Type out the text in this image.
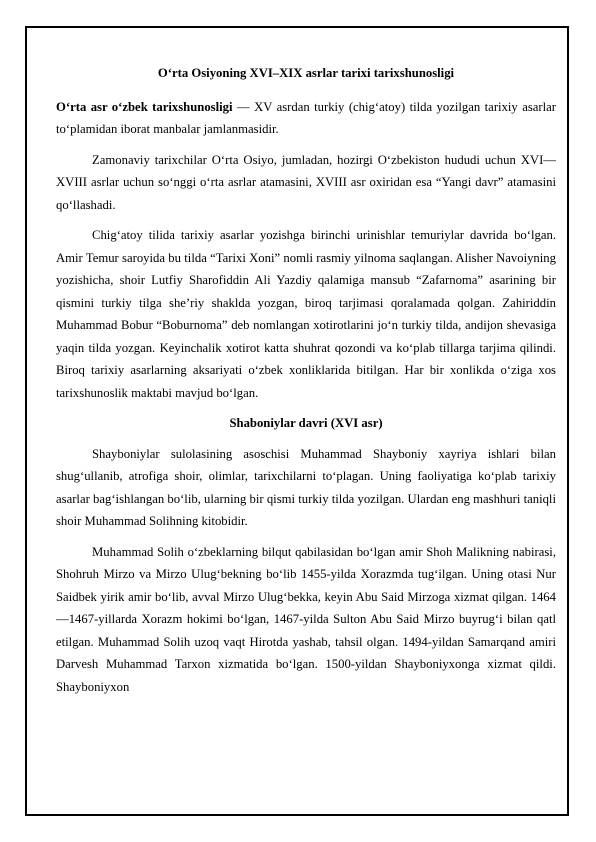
O‘rta Osiyoning XVI–XIX asrlar tarixi tarixshunosligi

O‘rta asr o‘zbek tarixshunosligi — XV asrdan turkiy (chig‘atoy) tilda yozilgan tarixiy asarlar to‘plamidan iborat manbalar jamlanmasidir.

Zamonaviy tarixchilar O‘rta Osiyo, jumladan, hozirgi O‘zbekiston hududi uchun XVI—XVIII asrlar uchun so‘nggi o‘rta asrlar atamasini, XVIII asr oxiridan esa “Yangi davr” atamasini qo‘llashadi.

Chig‘atoy tilida tarixiy asarlar yozishga birinchi urinishlar temuriylar davrida bo‘lgan. Amir Temur saroyida bu tilda “Tarixi Xoni” nomli rasmiy yilnoma saqlangan. Alisher Navoiyning yozishicha, shoir Lutfiy Sharofiddin Ali Yazdiy qalamiga mansub “Zafarnoma” asarining bir qismini turkiy tilga she’riy shaklda yozgan, biroq tarjimasi qoralamada qolgan. Zahiriddin Muhammad Bobur “Boburnoma” deb nomlangan xotirotlarini jo‘n turkiy tilda, andijon shevasiga yaqin tilda yozgan. Keyinchalik xotirot katta shuhrat qozondi va ko‘plab tillarga tarjima qilindi. Biroq tarixiy asarlarning aksariyati o‘zbek xonliklarida bitilgan. Har bir xonlikda o‘ziga xos tarixshunoslik maktabi mavjud bo‘lgan.

Shaboniylar davri (XVI asr)

Shayboniylar sulolasining asoschisi Muhammad Shayboniy xayriya ishlari bilan shug‘ullanib, atrofiga shoir, olimlar, tarixchilarni to‘plagan. Uning faoliyatiga ko‘plab tarixiy asarlar bag‘ishlangan bo‘lib, ularning bir qismi turkiy tilda yozilgan. Ulardan eng mashhuri taniqli shoir Muhammad Solihning kitobidir.

Muhammad Solih o‘zbeklarning bilqut qabilasidan bo‘lgan amir Shoh Malikning nabirasi, Shohruh Mirzo va Mirzo Ulug‘bekning bo‘lib 1455-yilda Xorazmda tug‘ilgan. Uning otasi Nur Saidbek yirik amir bo‘lib, avval Mirzo Ulug‘bekka, keyin Abu Said Mirzoga xizmat qilgan. 1464—1467-yillarda Xorazm hokimi bo‘lgan, 1467-yilda Sulton Abu Said Mirzo buyrug‘i bilan qatl etilgan. Muhammad Solih uzoq vaqt Hirotda yashab, tahsil olgan. 1494-yildan Samarqand amiri Darvesh Muhammad Tarxon xizmatida bo‘lgan. 1500-yildan Shayboniyxonga xizmat qildi. Shayboniyxon
